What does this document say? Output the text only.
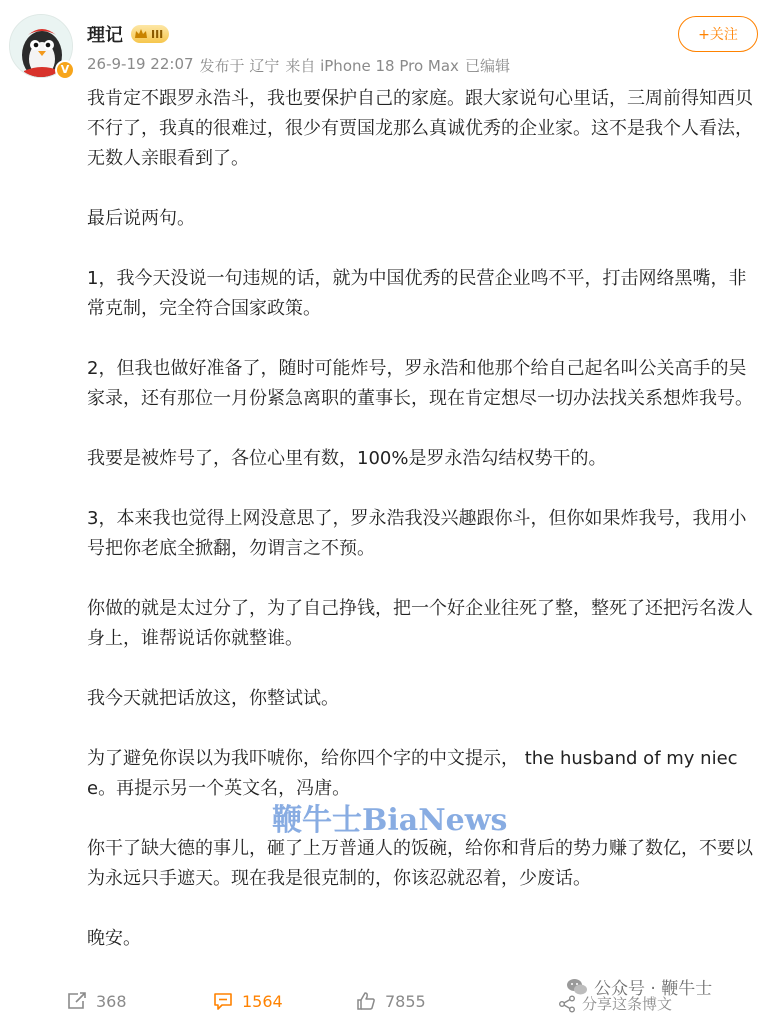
V
理记	III
26-9-19 22:07 发布于 辽宁 来自 iPhone 18 Pro Max 已编辑
+关注

我肯定不跟罗永浩斗，我也要保护自己的家庭。跟大家说句心里话，三周前得知西贝不行了，我真的很难过，很少有贾国龙那么真诚优秀的企业家。这不是我个人看法，无数人亲眼看到了。

最后说两句。

1，我今天没说一句违规的话，就为中国优秀的民营企业鸣不平，打击网络黑嘴，非常克制，完全符合国家政策。

2，但我也做好准备了，随时可能炸号，罗永浩和他那个给自己起名叫公关高手的吴家录，还有那位一月份紧急离职的董事长，现在肯定想尽一切办法找关系想炸我号。

我要是被炸号了，各位心里有数，100%是罗永浩勾结权势干的。

3，本来我也觉得上网没意思了，罗永浩我没兴趣跟你斗，但你如果炸我号，我用小号把你老底全掀翻，勿谓言之不预。

你做的就是太过分了，为了自己挣钱，把一个好企业往死了整，整死了还把污名泼人身上，谁帮说话你就整谁。

我今天就把话放这，你整试试。

为了避免你误以为我吓唬你，给你四个字的中文提示， the husband of my niece。再提示另一个英文名，冯唐。

你干了缺大德的事儿，砸了上万普通人的饭碗，给你和背后的势力赚了数亿，不要以为永远只手遮天。现在我是很克制的，你该忍就忍着，少废话。

晚安。

鞭牛士BiaNews
368	1564	7855
公众号 · 鞭牛士
分享这条博文
